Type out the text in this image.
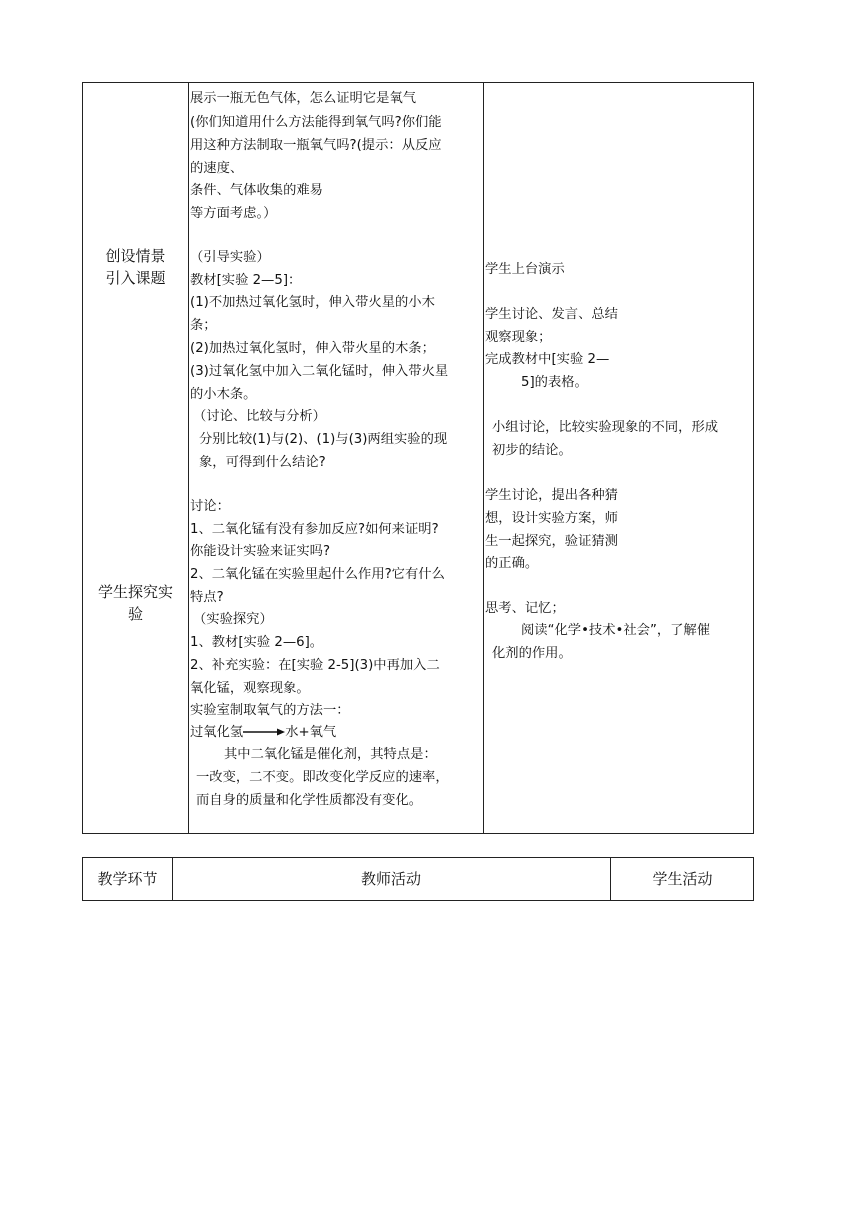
创设情景
引入课题
学生探究实
验
展示一瓶无色气体，怎么证明它是氧气
(你们知道用什么方法能得到氧气吗?你们能
用这种方法制取一瓶氧气吗?(提示：从反应
的速度、
条件、气体收集的难易
等方面考虑。）
（引导实验）
教材[实验 2—5]：
(1)不加热过氧化氢时，伸入带火星的小木
条；
(2)加热过氧化氢时，伸入带火星的木条；
(3)过氧化氢中加入二氧化锰时，伸入带火星
的小木条。
（讨论、比较与分析）
分别比较(1)与(2)、(1)与(3)两组实验的现
象，可得到什么结论?
讨论：
1、二氧化锰有没有参加反应?如何来证明?
你能设计实验来证实吗?
2、二氧化锰在实验里起什么作用?它有什么
特点?
（实验探究）
1、教材[实验 2—6]。
2、补充实验：在[实验 2-5](3)中再加入二
氧化锰，观察现象。
实验室制取氧气的方法一：
过氧化氢→水+氧气
其中二氧化锰是催化剂，其特点是：
一改变，二不变。即改变化学反应的速率，
而自身的质量和化学性质都没有变化。
学生上台演示
学生讨论、发言、总结
观察现象；
完成教材中[实验 2—
5]的表格。
小组讨论，比较实验现象的不同，形成
初步的结论。
学生讨论，提出各种猜
想，设计实验方案，师
生一起探究，验证猜测
的正确。
思考、记忆；
阅读“化学•技术•社会”，了解催
化剂的作用。
教学环节	教师活动	学生活动
